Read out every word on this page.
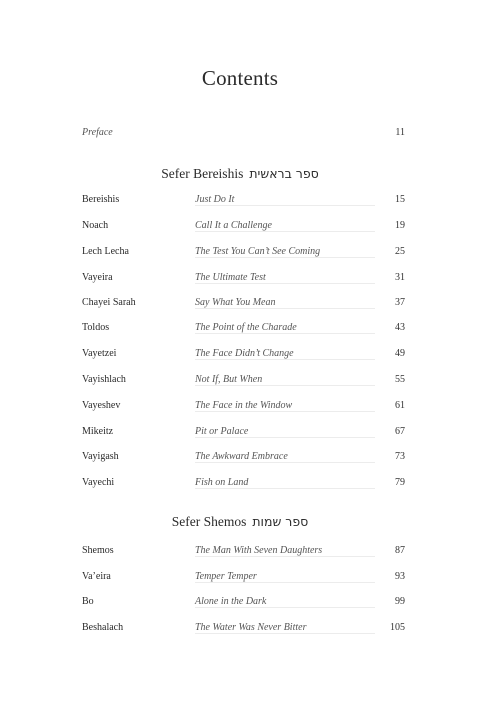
Contents
Preface	11
Sefer Bereishis ספר בראשית
Bereishis	Just Do It	15
Noach	Call It a Challenge	19
Lech Lecha	The Test You Can’t See Coming	25
Vayeira	The Ultimate Test	31
Chayei Sarah	Say What You Mean	37
Toldos	The Point of the Charade	43
Vayetzei	The Face Didn’t Change	49
Vayishlach	Not If, But When	55
Vayeshev	The Face in the Window	61
Mikeitz	Pit or Palace	67
Vayigash	The Awkward Embrace	73
Vayechi	Fish on Land	79
Sefer Shemos ספר שמות
Shemos	The Man With Seven Daughters	87
Va’eira	Temper Temper	93
Bo	Alone in the Dark	99
Beshalach	The Water Was Never Bitter	105
